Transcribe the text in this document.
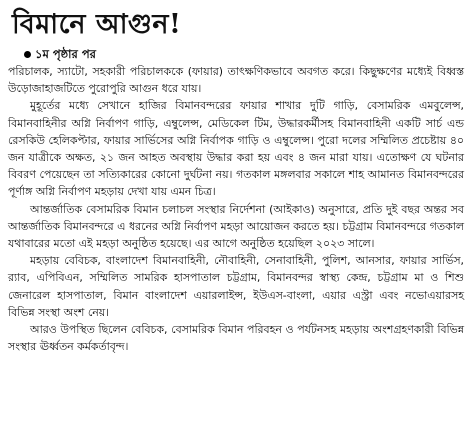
বিমানে আগুন!
১ম পৃষ্ঠার পর

পরিচালক, স্যাটো, সহকারী পরিচালককে (ফায়ার) তাৎক্ষণিকভাবে অবগত করে। কিছুক্ষণের মধ্যেই বিধ্বস্ত উড়োজাহাজটিতে পুরোপুরি আগুন ধরে যায়।

মুহূর্তের মধ্যে সেখানে হাজির বিমানবন্দরের ফায়ার শাখার দুটি গাড়ি, বেসামরিক এমবুলেন্স, বিমানবাহিনীর অগ্নি নির্বাপণ গাড়ি, এম্বুলেন্স, মেডিকেল টিম, উদ্ধারকর্মীসহ বিমানবাহিনী একটি সার্চ এন্ড রেসকিউ হেলিকপ্টার, ফায়ার সার্ভিসের অগ্নি নির্বাপক গাড়ি ও এম্বুলেন্স। পুরো দলের সম্মিলিত প্রচেষ্টায় ৪০ জন যাত্রীকে অক্ষত, ২১ জন আহত অবস্থায় উদ্ধার করা হয় এবং ৪ জন মারা যায়। এতোক্ষণ যে ঘটনার বিবরণ পেয়েছেন তা সত্যিকারের কোনো দুর্ঘটনা নয়। গতকাল মঙ্গলবার সকালে শাহ আমানত বিমানবন্দরের পূর্ণাঙ্গ অগ্নি নির্বাপণ মহড়ায় দেখা যায় এমন চিত্র।

আন্তর্জাতিক বেসামরিক বিমান চলাচল সংস্থার নির্দেশনা (আইকাও) অনুসারে, প্রতি দুই বছর অন্তর সব আন্তর্জাতিক বিমানবন্দরে এ ধরনের অগ্নি নির্বাপণ মহড়া আয়োজন করতে হয়। চট্টগ্রাম বিমানবন্দরে গতকাল যথাবারের মতো এই মহড়া অনুষ্ঠিত হয়েছে। এর আগে অনুষ্ঠিত হয়েছিল ২০২৩ সালে।

মহড়ায় বেবিচক, বাংলাদেশ বিমানবাহিনী, নৌবাহিনী, সেনাবাহিনী, পুলিশ, আনসার, ফায়ার সার্ভিস, র‌্যাব, এপিবিএন, সম্মিলিত সামরিক হাসপাতাল চট্টগ্রাম, বিমানবন্দর স্বাস্থ্য কেন্দ্র, চট্টগ্রাম মা ও শিশু জেনারেল হাসপাতাল, বিমান বাংলাদেশ এয়ারলাইন্স, ইউএস-বাংলা, এয়ার এস্ট্রা এবং নভোএয়ারসহ বিভিন্ন সংস্থা অংশ নেয়।

আরও উপস্থিত ছিলেন বেবিচক, বেসামরিক বিমান পরিবহন ও পর্যটনসহ মহড়ায় অংশগ্রহণকারী বিভিন্ন সংস্থার ঊর্ধ্বতন কর্মকর্তাবৃন্দ।
